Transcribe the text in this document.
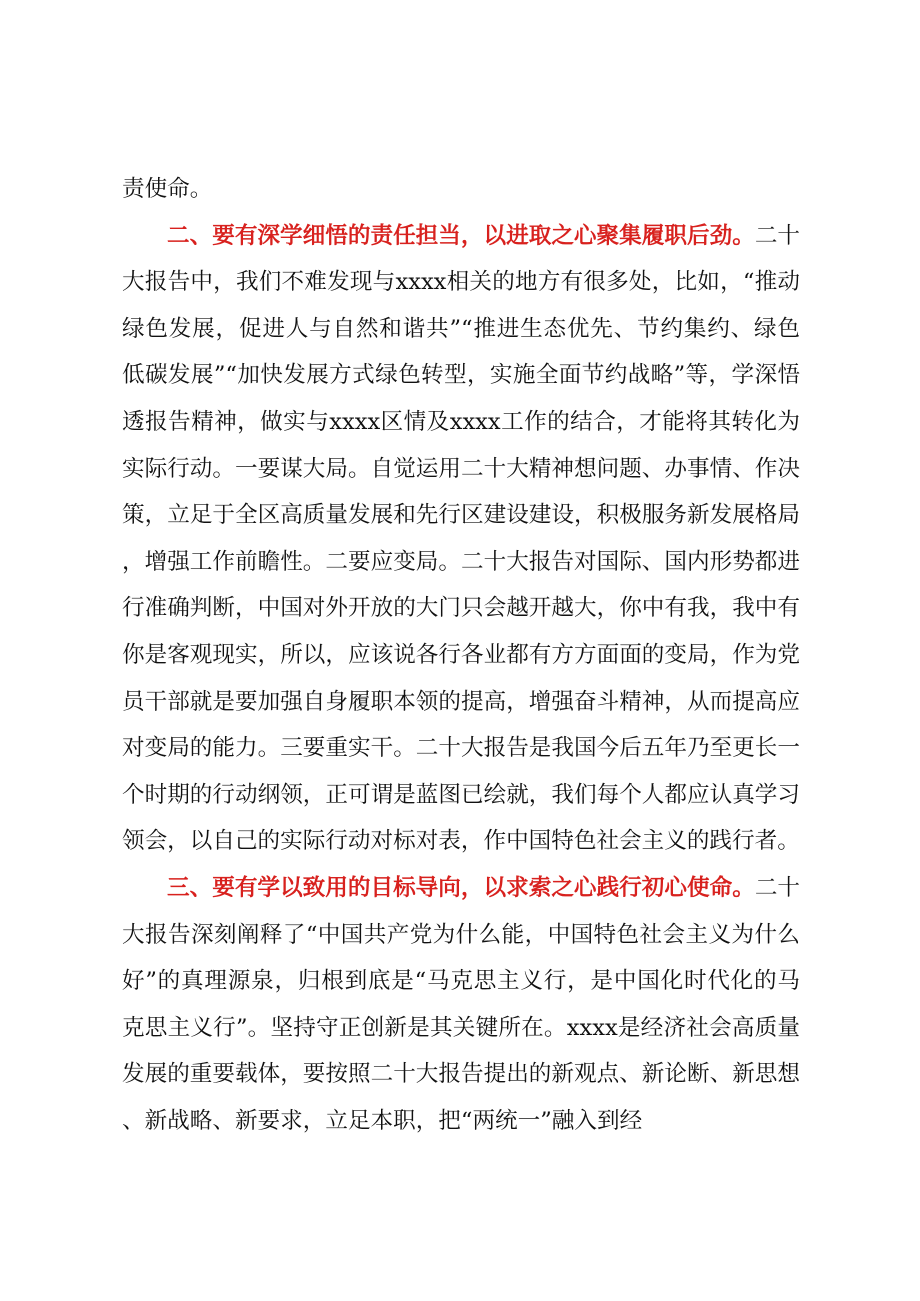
责使命。

二、要有深学细悟的责任担当，以进取之心聚集履职后劲。二十大报告中，我们不难发现与xxxx相关的地方有很多处，比如，“推动绿色发展，促进人与自然和谐共”“推进生态优先、节约集约、绿色低碳发展”“加快发展方式绿色转型，实施全面节约战略”等，学深悟透报告精神，做实与xxxx区情及xxxx工作的结合，才能将其转化为实际行动。一要谋大局。自觉运用二十大精神想问题、办事情、作决策，立足于全区高质量发展和先行区建设建设，积极服务新发展格局，增强工作前瞻性。二要应变局。二十大报告对国际、国内形势都进行准确判断，中国对外开放的大门只会越开越大，你中有我，我中有你是客观现实，所以，应该说各行各业都有方方面面的变局，作为党员干部就是要加强自身履职本领的提高，增强奋斗精神，从而提高应对变局的能力。三要重实干。二十大报告是我国今后五年乃至更长一个时期的行动纲领，正可谓是蓝图已绘就，我们每个人都应认真学习领会，以自己的实际行动对标对表，作中国特色社会主义的践行者。

三、要有学以致用的目标导向，以求索之心践行初心使命。二十大报告深刻阐释了“中国共产党为什么能，中国特色社会主义为什么好”的真理源泉，归根到底是“马克思主义行，是中国化时代化的马克思主义行”。坚持守正创新是其关键所在。xxxx是经济社会高质量发展的重要载体，要按照二十大报告提出的新观点、新论断、新思想、新战略、新要求，立足本职，把“两统一”融入到经
